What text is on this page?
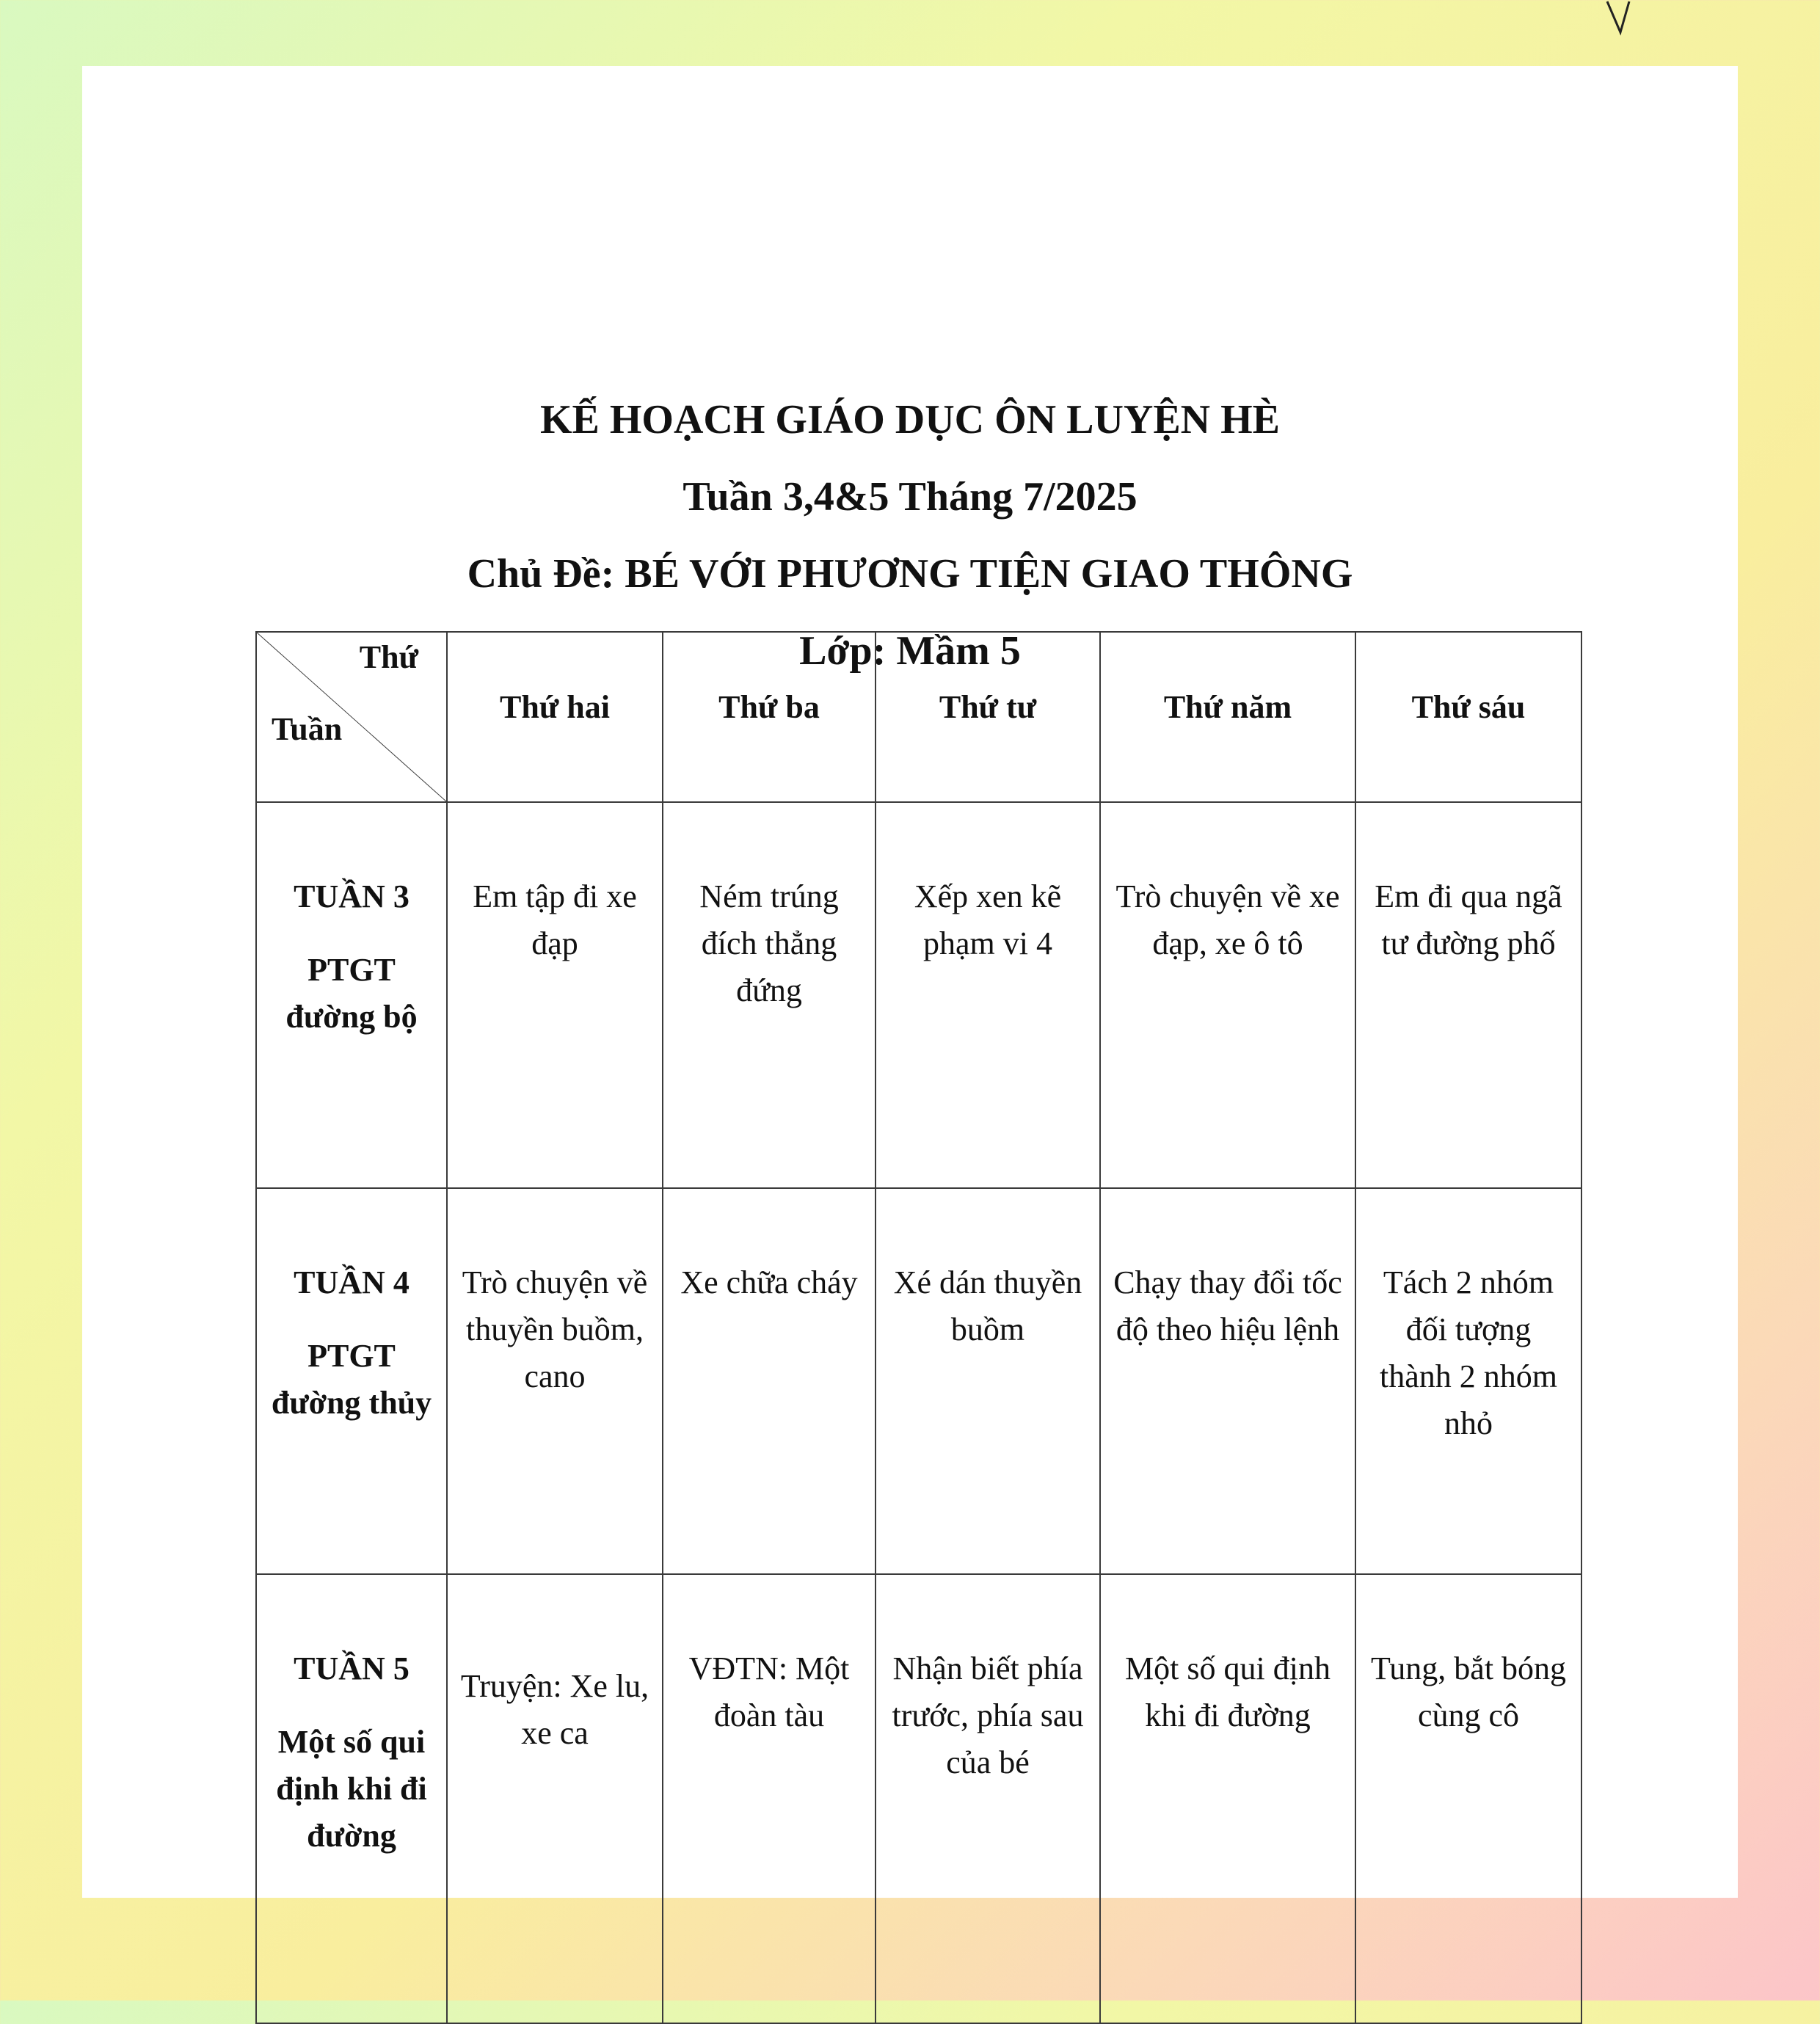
KẾ HOẠCH GIÁO DỤC ÔN LUYỆN HÈ
Tuần 3,4&5 Tháng 7/2025
Chủ Đề: BÉ VỚI PHƯƠNG TIỆN GIAO THÔNG
Lớp: Mầm 5
Thứ
Tuần	Thứ hai	Thứ ba	Thứ tư	Thứ năm	Thứ sáu

TUẦN 3
PTGT đường bộ	Em tập đi xe đạp	Ném trúng đích thẳng đứng	Xếp xen kẽ phạm vi 4	Trò chuyện về xe đạp, xe ô tô	Em đi qua ngã tư đường phố

TUẦN 4
PTGT đường thủy	Trò chuyện về thuyền buồm, cano	Xe chữa cháy	Xé dán thuyền buồm	Chạy thay đổi tốc độ theo hiệu lệnh	Tách 2 nhóm đối tượng thành 2 nhóm nhỏ

TUẦN 5
Một số qui định khi đi đường	Truyện: Xe lu, xe ca	VĐTN: Một đoàn tàu	Nhận biết phía trước, phía sau của bé	Một số qui định khi đi đường	Tung, bắt bóng cùng cô
